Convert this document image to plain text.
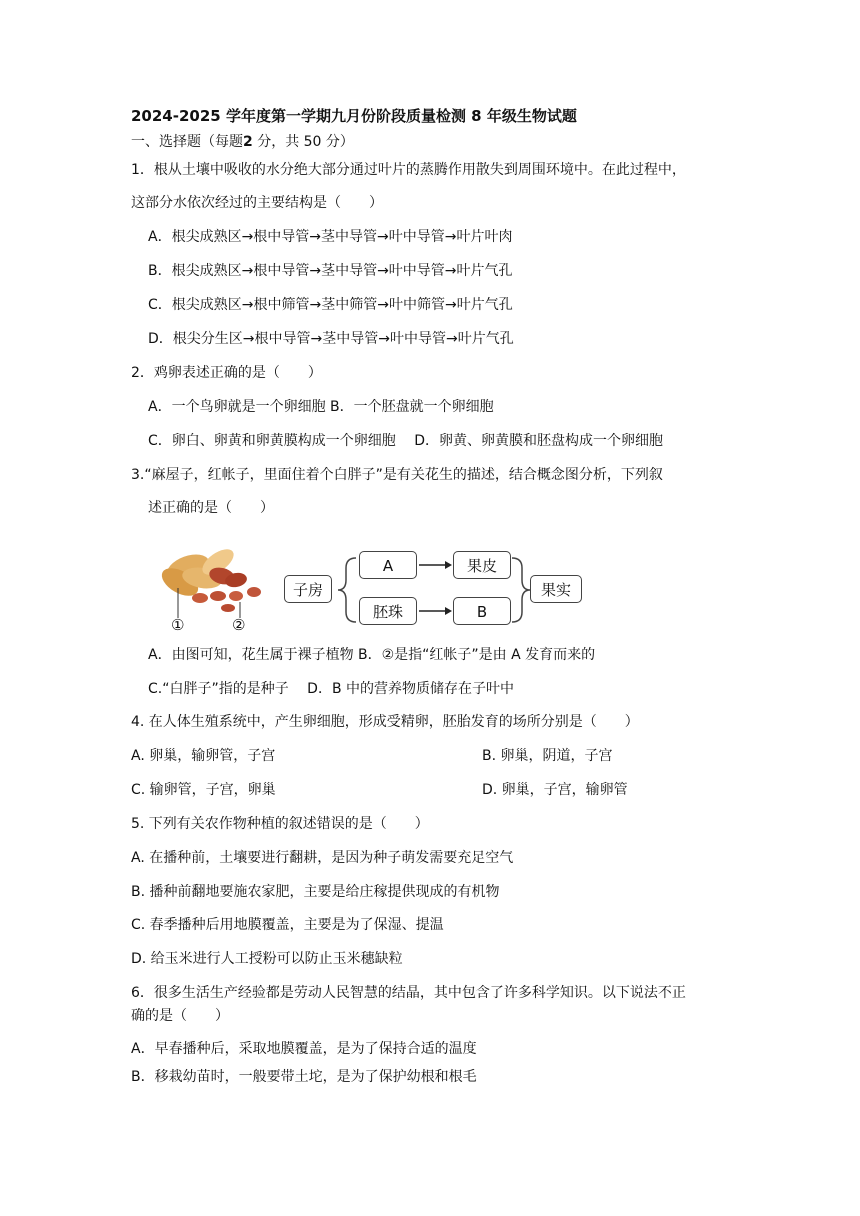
2024-2025 学年度第一学期九月份阶段质量检测 8 年级生物试题
一、选择题（每题2 分，共 50 分）
1．根从土壤中吸收的水分绝大部分通过叶片的蒸腾作用散失到周围环境中。在此过程中，
这部分水依次经过的主要结构是（　　）
A．根尖成熟区→根中导管→茎中导管→叶中导管→叶片叶肉
B．根尖成熟区→根中导管→茎中导管→叶中导管→叶片气孔
C．根尖成熟区→根中筛管→茎中筛管→叶中筛管→叶片气孔
D．根尖分生区→根中导管→茎中导管→叶中导管→叶片气孔
2．鸡卵表述正确的是（　　）
A．一个鸟卵就是一个卵细胞 B．一个胚盘就一个卵细胞
C．卵白、卵黄和卵黄膜构成一个卵细胞　 D．卵黄、卵黄膜和胚盘构成一个卵细胞
3.“麻屋子，红帐子，里面住着个白胖子”是有关花生的描述，结合概念图分析，下列叙
述正确的是（　　）
①	②
子房
A
胚珠
果皮
B
果实
A．由图可知，花生属于裸子植物 B．②是指“红帐子”是由 A 发育而来的
C.“白胖子”指的是种子　 D．B 中的营养物质储存在子叶中
4. 在人体生殖系统中，产生卵细胞，形成受精卵，胚胎发育的场所分别是（　　）
A. 卵巢，输卵管，子宫	B. 卵巢，阴道，子宫
C. 输卵管，子宫，卵巢	D. 卵巢，子宫，输卵管
5. 下列有关农作物种植的叙述错误的是（　　）
A. 在播种前，土壤要进行翻耕，是因为种子萌发需要充足空气
B. 播种前翻地要施农家肥，主要是给庄稼提供现成的有机物
C. 春季播种后用地膜覆盖，主要是为了保湿、提温
D. 给玉米进行人工授粉可以防止玉米穗缺粒
6．很多生活生产经验都是劳动人民智慧的结晶，其中包含了许多科学知识。以下说法不正
确的是（　　）
A．早春播种后，采取地膜覆盖，是为了保持合适的温度
B．移栽幼苗时，一般要带土坨，是为了保护幼根和根毛
